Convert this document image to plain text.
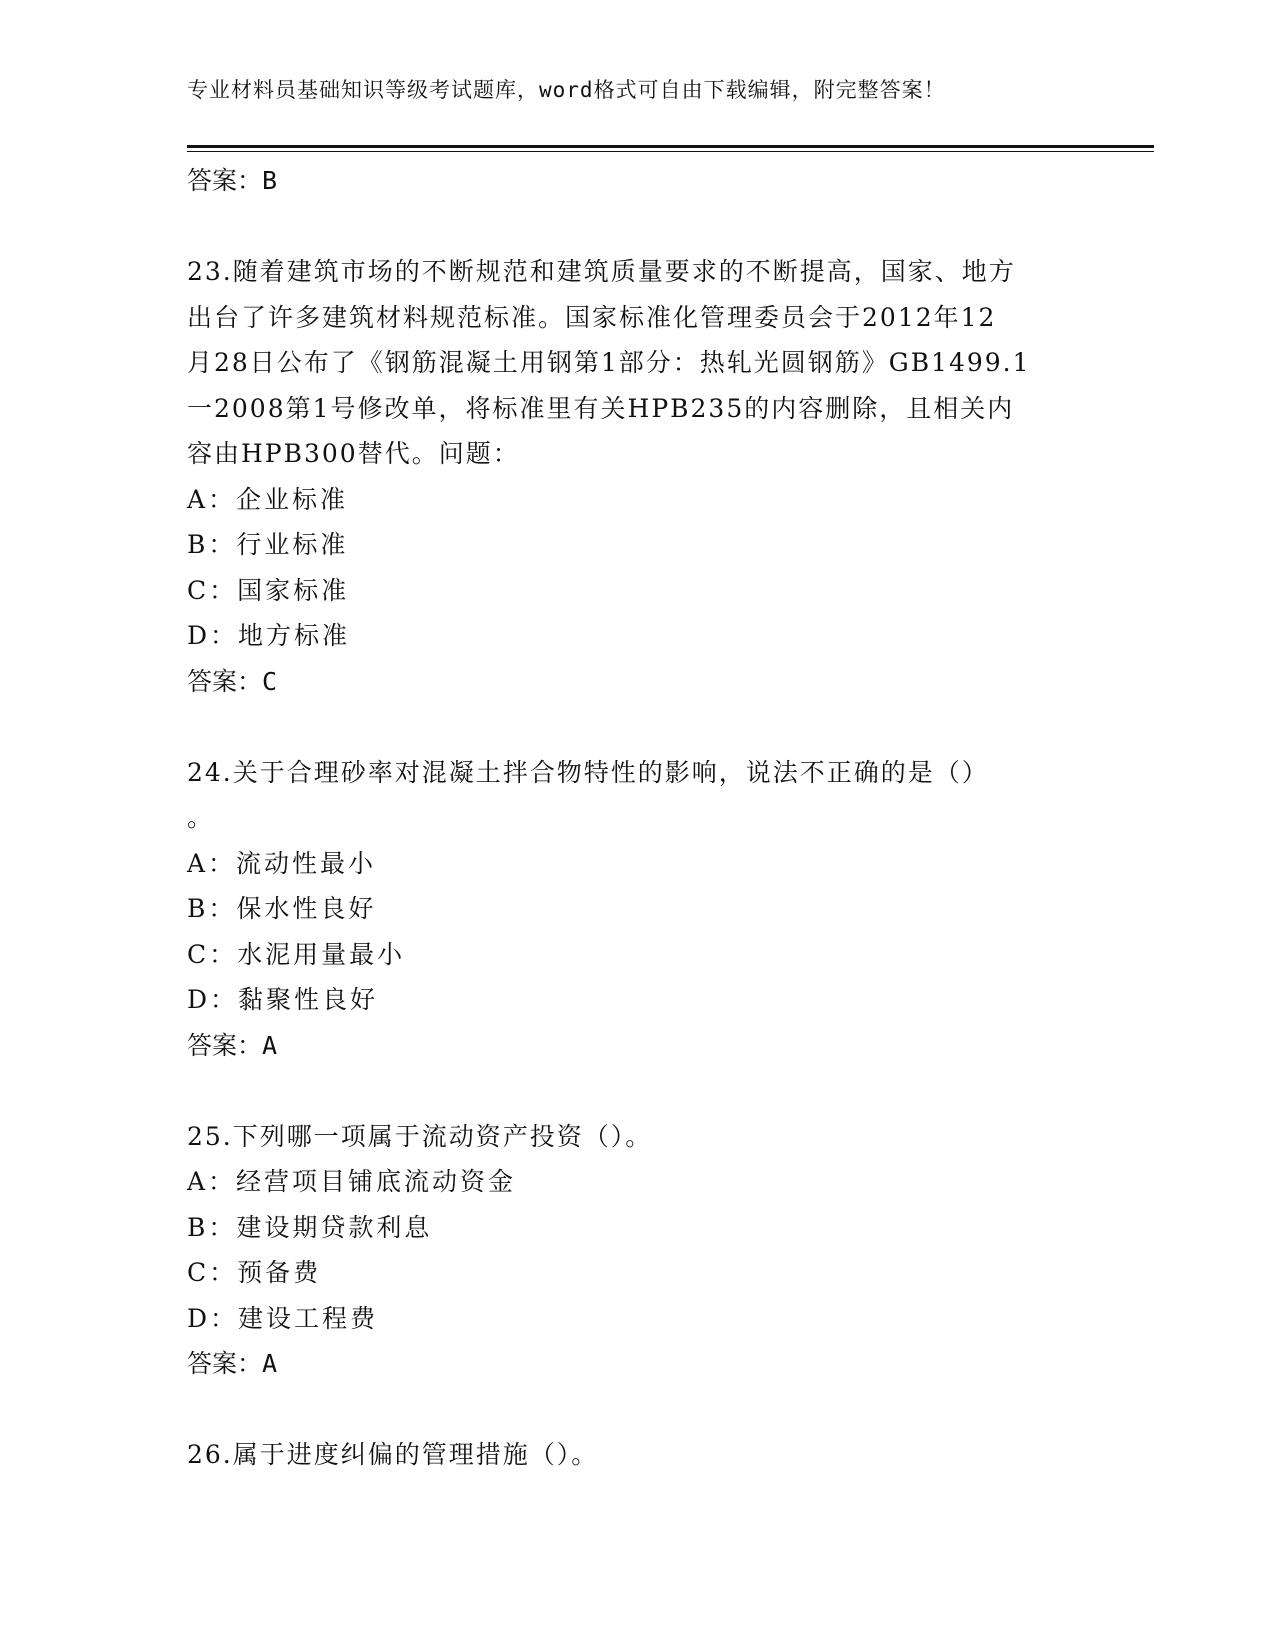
专业材料员基础知识等级考试题库，word格式可自由下载编辑，附完整答案！
答案：B
23.随着建筑市场的不断规范和建筑质量要求的不断提高，国家、地方
出台了许多建筑材料规范标准。国家标准化管理委员会于2012年12
月28日公布了《钢筋混凝土用钢第1部分：热轧光圆钢筋》GB1499.1
一2008第1号修改单，将标准里有关HPB235的内容删除，且相关内
容由HPB300替代。问题：
A：企业标准
B：行业标准
C：国家标准
D：地方标准
答案：C
24.关于合理砂率对混凝土拌合物特性的影响，说法不正确的是（）
。
A：流动性最小
B：保水性良好
C：水泥用量最小
D：黏聚性良好
答案：A
25.下列哪一项属于流动资产投资（）。
A：经营项目铺底流动资金
B：建设期贷款利息
C：预备费
D：建设工程费
答案：A
26.属于进度纠偏的管理措施（）。
